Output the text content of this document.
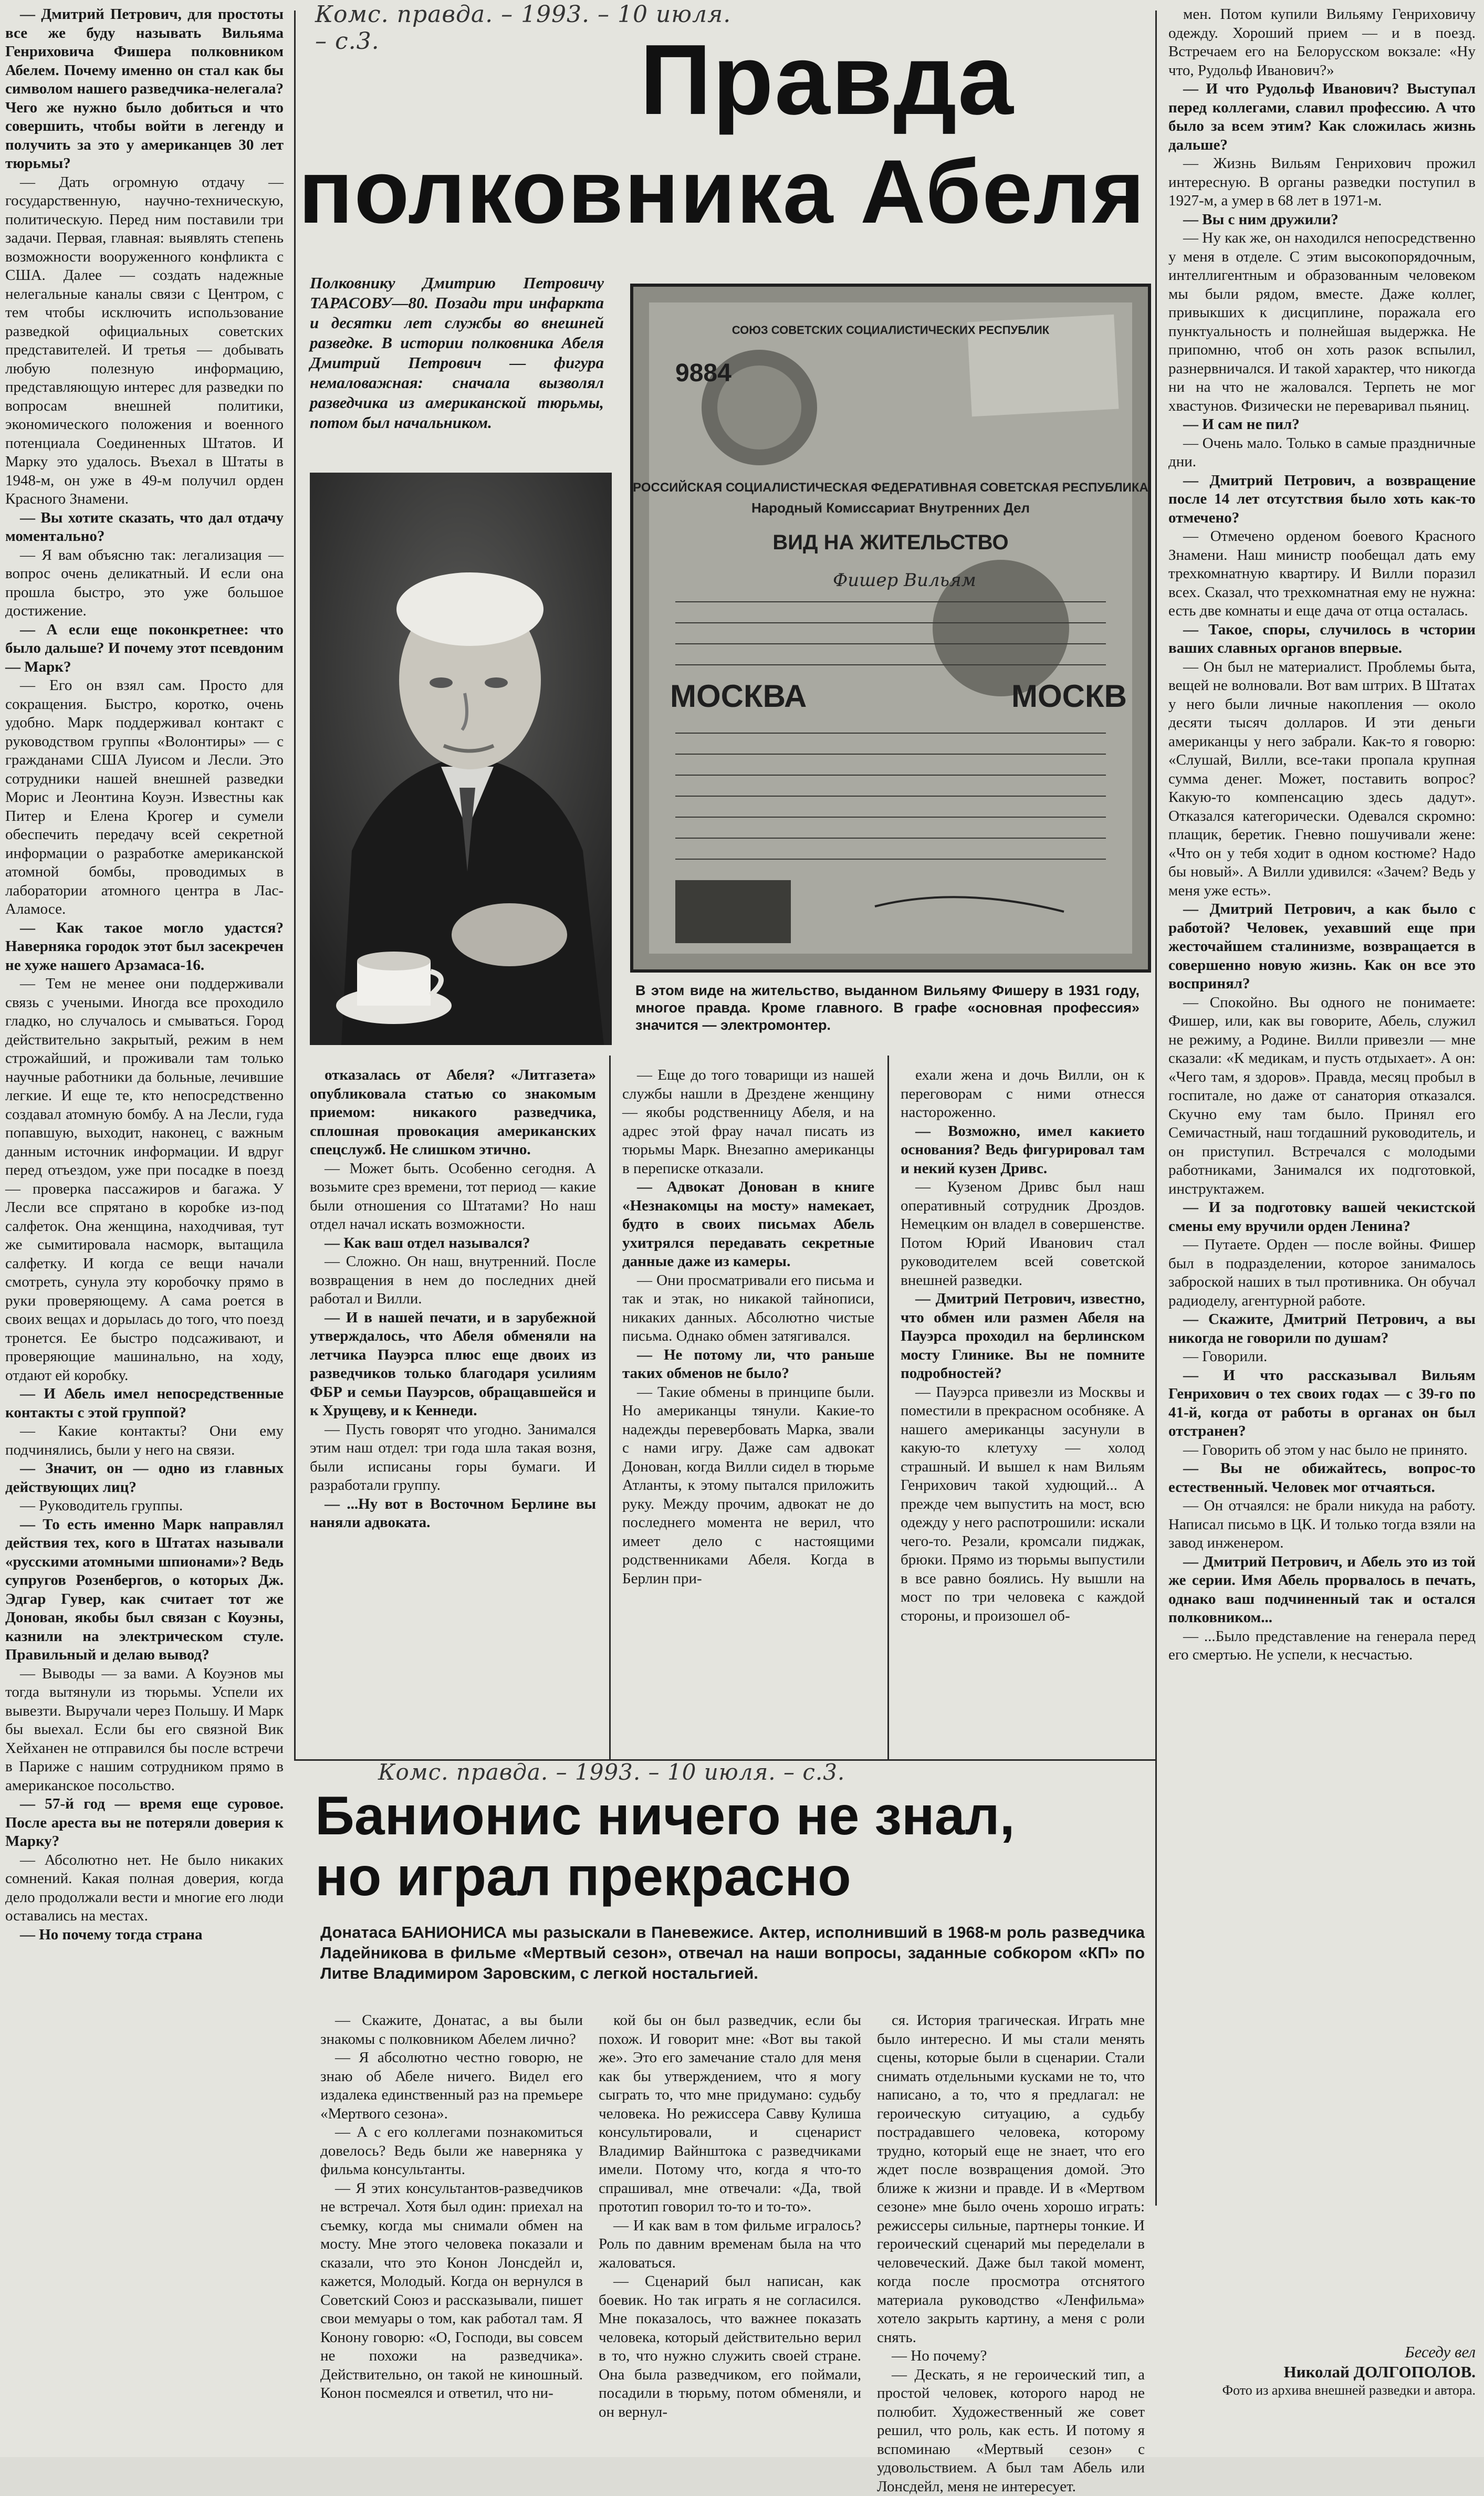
Комс. правда. – 1993. – 10 июля. – с.3.	Правда
полковника Абеля
Полковнику Дмитрию Петровичу ТАРАСОВУ—80. Позади три инфаркта и десятки лет службы во внешней разведке. В истории полковника Абеля Дмитрий Петрович — фигура немаловажная: сначала вызволял разведчика из американской тюрьмы, потом был начальником.
СОЮЗ СОВЕТСКИХ СОЦИАЛИСТИЧЕСКИХ РЕСПУБЛИК
РОССИЙСКАЯ СОЦИАЛИСТИЧЕСКАЯ ФЕДЕРАТИВНАЯ СОВЕТСКАЯ РЕСПУБЛИКА
Народный Комиссариат Внутренних Дел
ВИД НА ЖИТЕЛЬСТВО
МОСКВА	МОСКВ
9884
Фишер Вильям
В этом виде на жительство, выданном Вильяму Фишеру в 1931 году, многое правда. Кроме главного. В графе «основная профессия» значится — электромонтер.

— Дмитрий Петрович, для простоты все же буду называть Вильяма Генриховича Фишера полковником Абелем. Почему именно он стал как бы символом нашего разведчика-нелегала? Чего же нужно было добиться и что совершить, чтобы войти в легенду и получить за это у американцев 30 лет тюрьмы?

— Дать огромную отдачу — государственную, научно-техническую, политическую. Перед ним поставили три задачи. Первая, главная: выявлять степень возможности вооруженного конфликта с США. Далее — создать надежные нелегальные каналы связи с Центром, с тем чтобы исключить использование разведкой официальных советских представителей. И третья — добывать любую полезную информацию, представляющую интерес для разведки по вопросам внешней политики, экономического положения и военного потенциала Соединенных Штатов. И Марку это удалось. Въехал в Штаты в 1948-м, он уже в 49-м получил орден Красного Знамени.

— Вы хотите сказать, что дал отдачу моментально?

— Я вам объясню так: легализация — вопрос очень деликатный. И если она прошла быстро, это уже большое достижение.

— А если еще поконкретнее: что было дальше? И почему этот псевдоним — Марк?

— Его он взял сам. Просто для сокращения. Быстро, коротко, очень удобно. Марк поддерживал контакт с руководством группы «Волонтиры» — с гражданами США Луисом и Лесли. Это сотрудники нашей внешней разведки Морис и Леонтина Коуэн. Известны как Питер и Елена Крогер и сумели обеспечить передачу всей секретной информации о разработке американской атомной бомбы, проводимых в лаборатории атомного центра в Лас-Аламосе.

— Как такое могло удастся? Наверняка городок этот был засекречен не хуже нашего Арзамаса-16.

— Тем не менее они поддерживали связь с учеными. Иногда все проходило гладко, но случалось и смываться. Город действительно закрытый, режим в нем строжайший, и проживали там только научные работники да больные, лечившие легкие. И еще те, кто непосредственно создавал атомную бомбу. А на Лесли, гуда попавшую, выходит, наконец, с важным данным источник информации. И вдруг перед отъездом, уже при посадке в поезд — проверка пассажиров и багажа. У Лесли все спрятано в коробке из-под салфеток. Она женщина, находчивая, тут же сымитировала насморк, вытащила салфетку. И когда се вещи начали смотреть, сунула эту коробочку прямо в руки проверяющему. А сама роется в своих вещах и дорылась до того, что поезд тронется. Ее быстро подсаживают, и проверяющие машинально, на ходу, отдают ей коробку.

— И Абель имел непосредственные контакты с этой группой?

— Какие контакты? Они ему подчинялись, были у него на связи.

— Значит, он — одно из главных действующих лиц?

— Руководитель группы.

— То есть именно Марк направлял действия тех, кого в Штатах называли «русскими атомными шпионами»? Ведь супругов Розенбергов, о которых Дж. Эдгар Гувер, как считает тот же Донован, якобы был связан с Коуэны, казнили на электрическом стуле. Правильный и делаю вывод?

— Выводы — за вами. А Коуэнов мы тогда вытянули из тюрьмы. Успели их вывезти. Выручали через Польшу. И Марк бы выехал. Если бы его связной Вик Хейханен не отправился бы после встречи в Париже с нашим сотрудником прямо в американское посольство.

— 57-й год — время еще суровое. После ареста вы не потеряли доверия к Марку?

— Абсолютно нет. Не было никаких сомнений. Какая полная доверия, когда дело продолжали вести и многие его люди оставались на местах.

— Но почему тогда страна

отказалась от Абеля? «Литгазета» опубликовала статью со знакомым приемом: никакого разведчика, сплошная провокация американских спецслужб. Не слишком этично.

— Может быть. Особенно сегодня. А возьмите срез времени, тот период — какие были отношения со Штатами? Но наш отдел начал искать возможности.

— Как ваш отдел назывался?

— Сложно. Он наш, внутренний. После возвращения в нем до последних дней работал и Вилли.

— И в нашей печати, и в зарубежной утверждалось, что Абеля обменяли на летчика Пауэрса плюс еще двоих из разведчиков только благодаря усилиям ФБР и семьи Пауэрсов, обращавшейся и к Хрущеву, и к Кеннеди.

— Пусть говорят что угодно. Занимался этим наш отдел: три года шла такая возня, были исписаны горы бумаги. И разработали группу.

— ...Ну вот в Восточном Берлине вы наняли адвоката.

— Еще до того товарищи из нашей службы нашли в Дрездене женщину — якобы родственницу Абеля, и на адрес этой фрау начал писать из тюрьмы Марк. Внезапно американцы в переписке отказали.

— Адвокат Донован в книге «Незнакомцы на мосту» намекает, будто в своих письмах Абель ухитрялся передавать секретные данные даже из камеры.

— Они просматривали его письма и так и этак, но никакой тайнописи, никаких данных. Абсолютно чистые письма. Однако обмен затягивался.

— Не потому ли, что раньше таких обменов не было?

— Такие обмены в принципе были. Но американцы тянули. Какие-то надежды перевербовать Марка, звали с нами игру. Даже сам адвокат Донован, когда Вилли сидел в тюрьме Атланты, к этому пытался приложить руку. Между прочим, адвокат не до последнего момента не верил, что имеет дело с настоящими родственниками Абеля. Когда в Берлин при-

ехали жена и дочь Вилли, он к переговорам с ними отнесся настороженно.

— Возможно, имел какието основания? Ведь фигурировал там и некий кузен Дривс.

— Кузеном Дривс был наш оперативный сотрудник Дроздов. Немецким он владел в совершенстве. Потом Юрий Иванович стал руководителем всей советской внешней разведки.

— Дмитрий Петрович, известно, что обмен или размен Абеля на Пауэрса проходил на берлинском мосту Глинике. Вы не помните подробностей?

— Пауэрса привезли из Москвы и поместили в прекрасном особняке. А нашего американцы засунули в какую-то клетуху — холод страшный. И вышел к нам Вильям Генрихович такой худющий... А прежде чем выпустить на мост, всю одежду у него распотрошили: искали чего-то. Резали, кромсали пиджак, брюки. Прямо из тюрьмы выпустили в все равно боялись. Ну вышли на мост по три человека с каждой стороны, и произошел об-

мен. Потом купили Вильяму Генриховичу одежду. Хороший прием — и в поезд. Встречаем его на Белорусском вокзале: «Ну что, Рудольф Иванович?»

— И что Рудольф Иванович? Выступал перед коллегами, славил профессию. А что было за всем этим? Как сложилась жизнь дальше?

— Жизнь Вильям Генрихович прожил интересную. В органы разведки поступил в 1927-м, а умер в 68 лет в 1971-м.

— Вы с ним дружили?

— Ну как же, он находился непосредственно у меня в отделе. С этим высокопорядочным, интеллигентным и образованным человеком мы были рядом, вместе. Даже коллег, привыкших к дисциплине, поражала его пунктуальность и полнейшая выдержка. Не припомню, чтоб он хоть разок вспылил, разнервничался. И такой характер, что никогда ни на что не жаловался. Терпеть не мог хвастунов. Физически не переваривал пьяниц.

— И сам не пил?

— Очень мало. Только в самые праздничные дни.

— Дмитрий Петрович, а возвращение после 14 лет отсутствия было хоть как-то отмечено?

— Отмечено орденом боевого Красного Знамени. Наш министр пообещал дать ему трехкомнатную квартиру. И Вилли поразил всех. Сказал, что трехкомнатная ему не нужна: есть две комнаты и еще дача от отца осталась.

— Такое, споры, случилось в чстории ваших славных органов впервые.

— Он был не материалист. Проблемы быта, вещей не волновали. Вот вам штрих. В Штатах у него были личные накопления — около десяти тысяч долларов. И эти деньги американцы у него забрали. Как-то я говорю: «Слушай, Вилли, все-таки пропала крупная сумма денег. Может, поставить вопрос? Какую-то компенсацию здесь дадут». Отказался категорически. Одевался скромно: плащик, беретик. Гневно пошучивали жене: «Что он у тебя ходит в одном костюме? Надо бы новый». А Вилли удивился: «Зачем? Ведь у меня уже есть».

— Дмитрий Петрович, а как было с работой? Человек, уехавший еще при жесточайшем сталинизме, возвращается в совершенно новую жизнь. Как он все это воспринял?

— Спокойно. Вы одного не понимаете: Фишер, или, как вы говорите, Абель, служил не режиму, а Родине. Вилли привезли — мне сказали: «К медикам, и пусть отдыхает». А он: «Чего там, я здоров». Правда, месяц пробыл в госпитале, но даже от санатория отказался. Скучно ему там было. Принял его Семичастный, наш тогдашний руководитель, и он приступил. Встречался с молодыми работниками, Занимался их подготовкой, инструктажем.

— И за подготовку вашей чекистской смены ему вручили орден Ленина?

— Путаете. Орден — после войны. Фишер был в подразделении, которое занималось заброской наших в тыл противника. Он обучал радиоделу, агентурной работе.

— Скажите, Дмитрий Петрович, а вы никогда не говорили по душам?

— Говорили.

— И что рассказывал Вильям Генрихович о тех своих годах — с 39-го по 41-й, когда от работы в органах он был отстранен?

— Говорить об этом у нас было не принято.

— Вы не обижайтесь, вопрос-то естественный. Человек мог отчаяться.

— Он отчаялся: не брали никуда на работу. Написал письмо в ЦК. И только тогда взяли на завод инженером.

— Дмитрий Петрович, и Абель это из той же серии. Имя Абель прорвалось в печать, однако ваш подчиненный так и остался полковником...

— ...Было представление на генерала перед его смертью. Не успели, к несчастью.

Беседу вел
Николай ДОЛГОПОЛОВ.
Фото из архива внешней разведки и автора.
Комс. правда. – 1993. – 10 июля. – с.3.
Банионис ничего не знал,
но играл прекрасно
Донатаса БАНИОНИСА мы разыскали в Паневежисе. Актер, исполнивший в 1968-м роль разведчика Ладейникова в фильме «Мертвый сезон», отвечал на наши вопросы, заданные собкором «КП» по Литве Владимиром Заровским, с легкой ностальгией.

— Скажите, Донатас, а вы были знакомы с полковником Абелем лично?

— Я абсолютно честно говорю, не знаю об Абеле ничего. Видел его издалека единственный раз на премьере «Мертвого сезона».

— А с его коллегами познакомиться довелось? Ведь были же наверняка у фильма консультанты.

— Я этих консультантов-разведчиков не встречал. Хотя был один: приехал на съемку, когда мы снимали обмен на мосту. Мне этого человека показали и сказали, что это Конон Лонсдейл и, кажется, Молодый. Когда он вернулся в Советский Союз и рассказывали, пишет свои мемуары о том, как работал там. Я Конону говорю: «О, Господи, вы совсем не похожи на разведчика». Действительно, он такой не киношный. Конон посмеялся и ответил, что ни-

кой бы он был разведчик, если бы похож. И говорит мне: «Вот вы такой же». Это его замечание стало для меня как бы утверждением, что я могу сыграть то, что мне придумано: судьбу человека. Но режиссера Савву Кулиша консультировали, и сценарист Владимир Вайнштока с разведчиками имели. Потому что, когда я что-то спрашивал, мне отвечали: «Да, твой прототип говорил то-то и то-то».

— И как вам в том фильме игралось? Роль по давним временам была на что жаловаться.

— Сценарий был написан, как боевик. Но так играть я не согласился. Мне показалось, что важнее показать человека, который действительно верил в то, что нужно служить своей стране. Она была разведчиком, его поймали, посадили в тюрьму, потом обменяли, и он вернул-

ся. История трагическая. Играть мне было интересно. И мы стали менять сцены, которые были в сценарии. Стали снимать отдельными кусками не то, что написано, а то, что я предлагал: не героическую ситуацию, а судьбу пострадавшего человека, которому трудно, который еще не знает, что его ждет после возвращения домой. Это ближе к жизни и правде. И в «Мертвом сезоне» мне было очень хорошо играть: режиссеры сильные, партнеры тонкие. И героический сценарий мы переделали в человеческий. Даже был такой момент, когда после просмотра отснятого материала руководство «Ленфильма» хотело закрыть картину, а меня с роли снять.

— Но почему?

— Дескать, я не героический тип, а простой человек, которого народ не полюбит. Художественный же совет решил, что роль, как есть. И потому я вспоминаю «Мертвый сезон» с удовольствием. А был там Абель или Лонсдейл, меня не интересует.
